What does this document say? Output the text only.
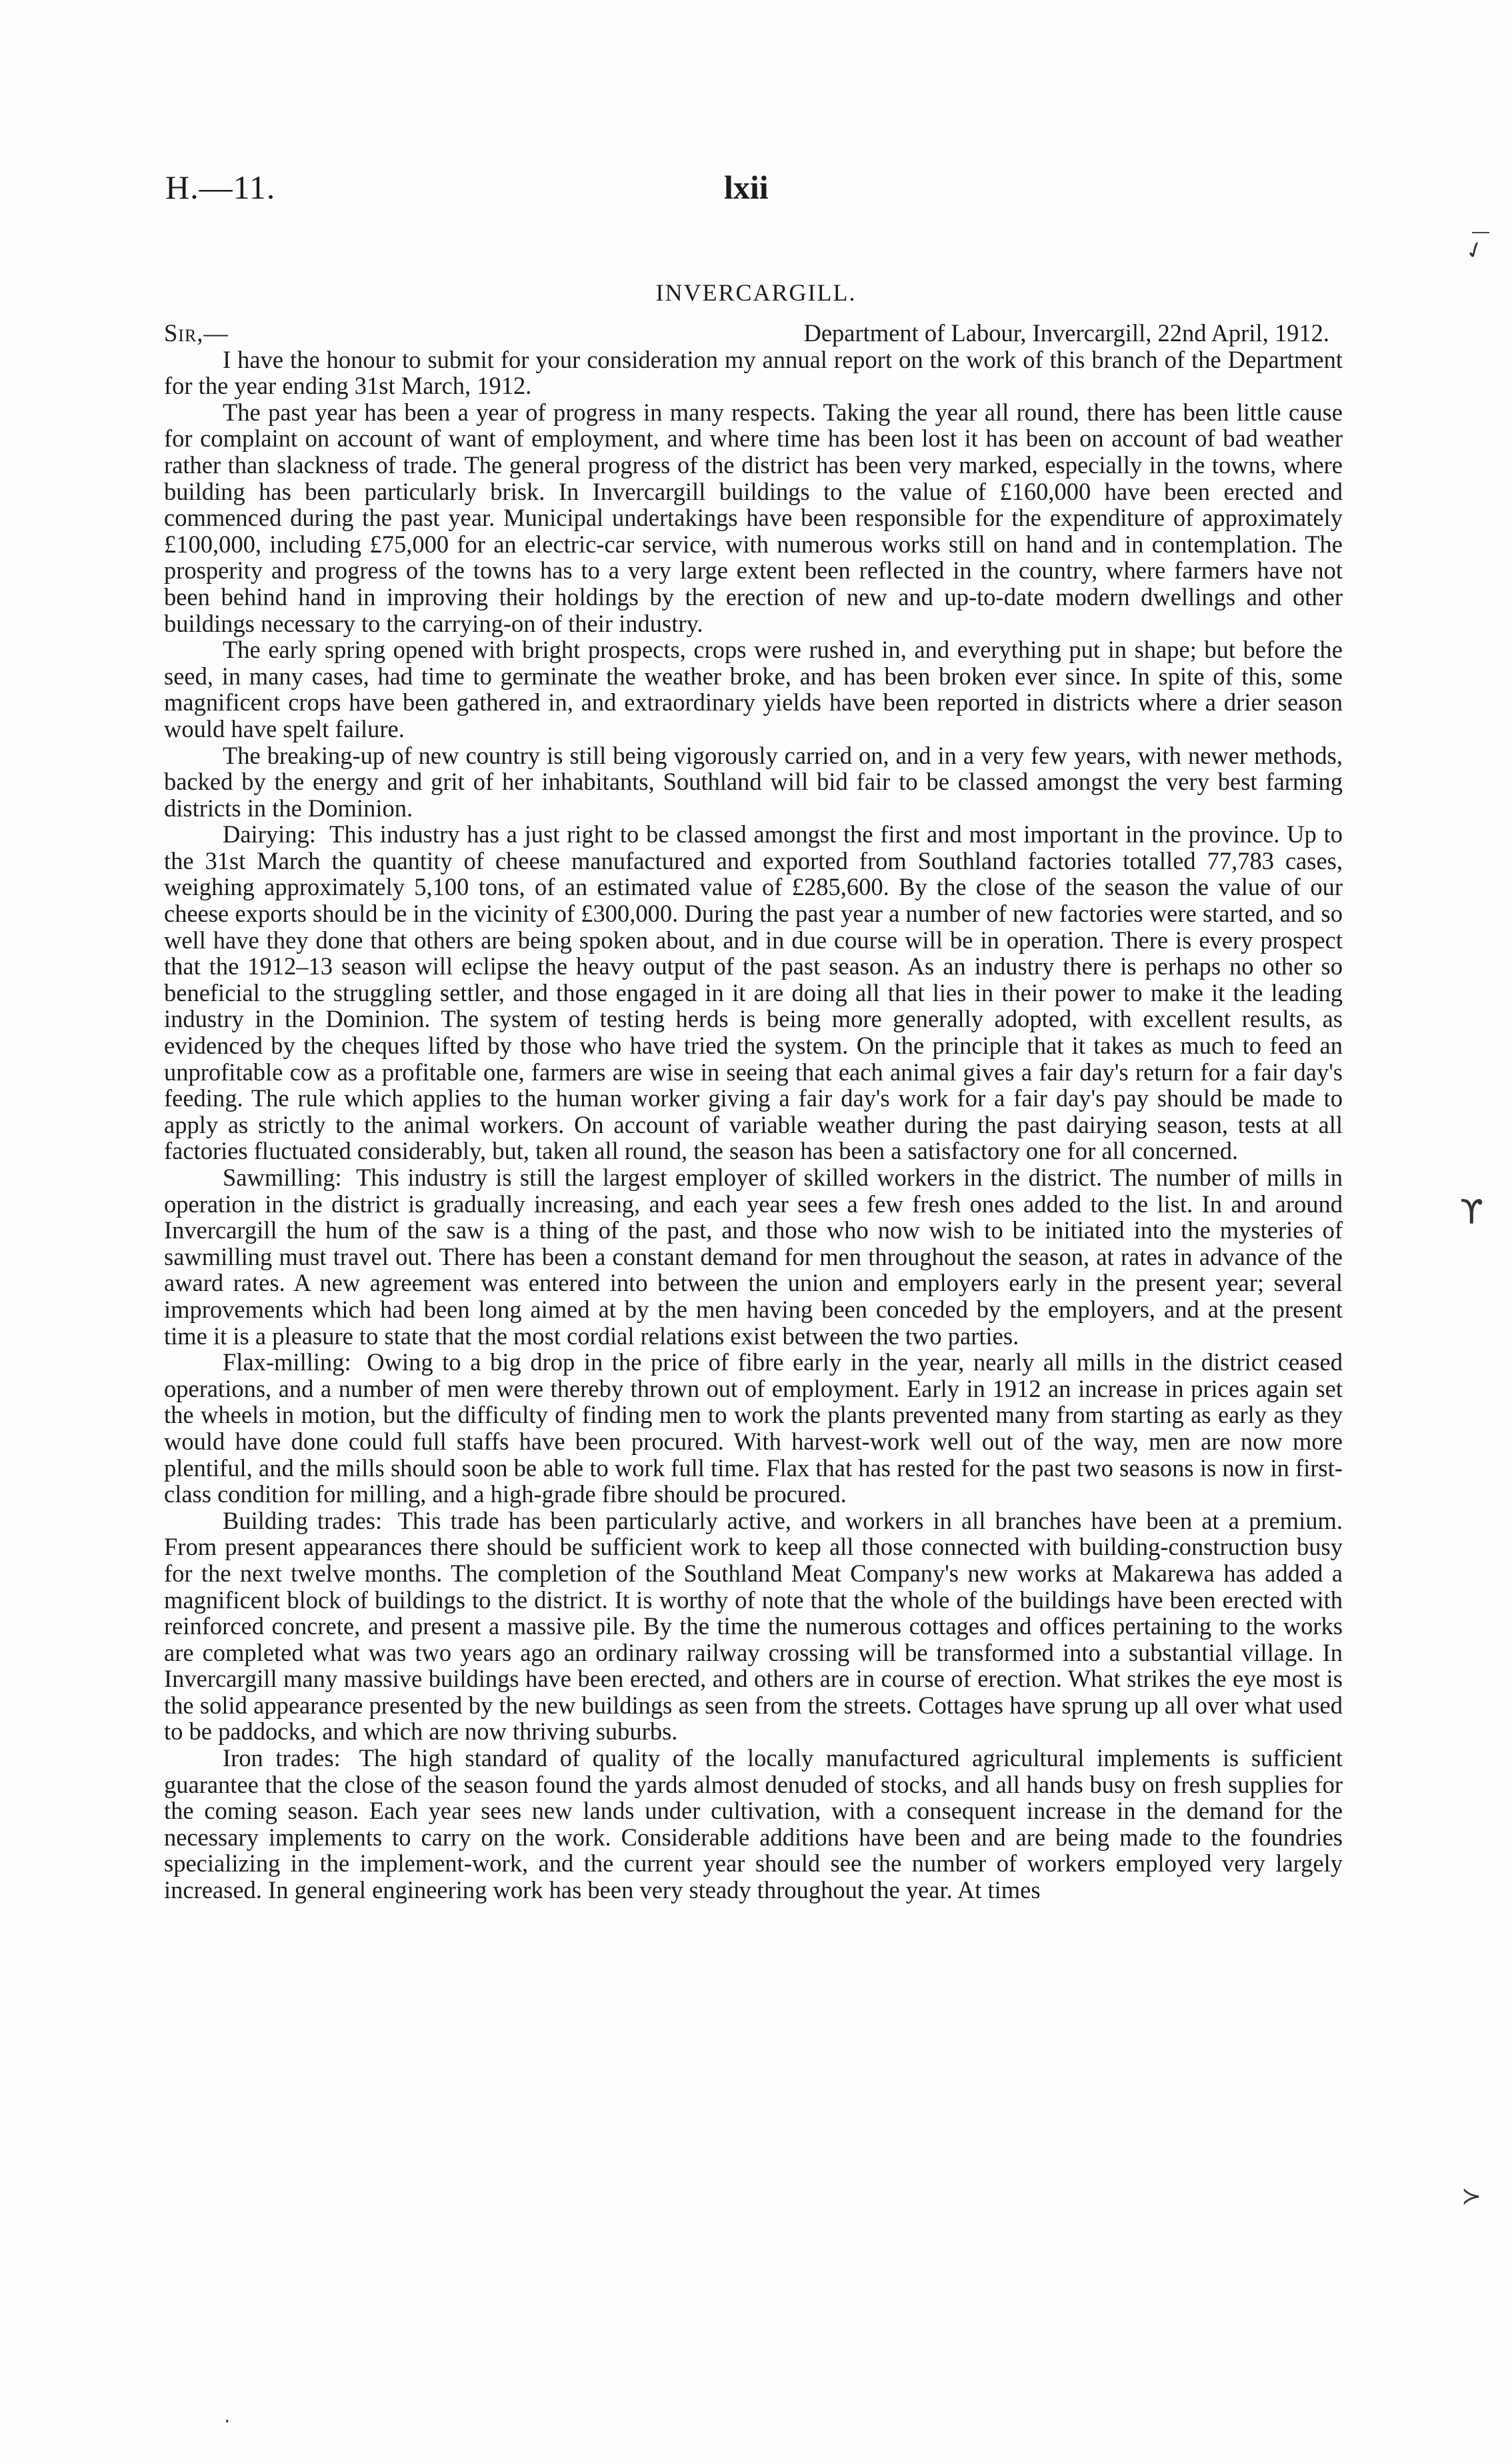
H.—11.	lxii
INVERCARGILL.
Sir,—	Department of Labour, Invercargill, 22nd April, 1912.

I have the honour to submit for your consideration my annual report on the work of this branch of the Department for the year ending 31st March, 1912.

The past year has been a year of progress in many respects. Taking the year all round, there has been little cause for complaint on account of want of employment, and where time has been lost it has been on account of bad weather rather than slackness of trade. The general progress of the district has been very marked, especially in the towns, where building has been particularly brisk. In Invercargill buildings to the value of £160,000 have been erected and commenced during the past year. Municipal undertakings have been responsible for the expenditure of approximately £100,000, including £75,000 for an electric-car service, with numerous works still on hand and in contemplation. The prosperity and progress of the towns has to a very large extent been reflected in the country, where farmers have not been behind hand in improving their holdings by the erection of new and up-to-date modern dwellings and other buildings necessary to the carrying-on of their industry.

The early spring opened with bright prospects, crops were rushed in, and everything put in shape; but before the seed, in many cases, had time to germinate the weather broke, and has been broken ever since. In spite of this, some magnificent crops have been gathered in, and extraordinary yields have been reported in districts where a drier season would have spelt failure.

The breaking-up of new country is still being vigorously carried on, and in a very few years, with newer methods, backed by the energy and grit of her inhabitants, Southland will bid fair to be classed amongst the very best farming districts in the Dominion.

Dairying: This industry has a just right to be classed amongst the first and most important in the province. Up to the 31st March the quantity of cheese manufactured and exported from Southland factories totalled 77,783 cases, weighing approximately 5,100 tons, of an estimated value of £285,600. By the close of the season the value of our cheese exports should be in the vicinity of £300,000. During the past year a number of new factories were started, and so well have they done that others are being spoken about, and in due course will be in operation. There is every prospect that the 1912–13 season will eclipse the heavy output of the past season. As an industry there is perhaps no other so beneficial to the struggling settler, and those engaged in it are doing all that lies in their power to make it the leading industry in the Dominion. The system of testing herds is being more generally adopted, with excellent results, as evidenced by the cheques lifted by those who have tried the system. On the principle that it takes as much to feed an unprofitable cow as a profitable one, farmers are wise in seeing that each animal gives a fair day's return for a fair day's feeding. The rule which applies to the human worker giving a fair day's work for a fair day's pay should be made to apply as strictly to the animal workers. On account of variable weather during the past dairying season, tests at all factories fluctuated considerably, but, taken all round, the season has been a satisfactory one for all concerned.

Sawmilling: This industry is still the largest employer of skilled workers in the district. The number of mills in operation in the district is gradually increasing, and each year sees a few fresh ones added to the list. In and around Invercargill the hum of the saw is a thing of the past, and those who now wish to be initiated into the mysteries of sawmilling must travel out. There has been a constant demand for men throughout the season, at rates in advance of the award rates. A new agreement was entered into between the union and employers early in the present year; several improvements which had been long aimed at by the men having been conceded by the employers, and at the present time it is a pleasure to state that the most cordial relations exist between the two parties.

Flax-milling: Owing to a big drop in the price of fibre early in the year, nearly all mills in the district ceased operations, and a number of men were thereby thrown out of employment. Early in 1912 an increase in prices again set the wheels in motion, but the difficulty of finding men to work the plants prevented many from starting as early as they would have done could full staffs have been procured. With harvest-work well out of the way, men are now more plentiful, and the mills should soon be able to work full time. Flax that has rested for the past two seasons is now in first-class condition for milling, and a high-grade fibre should be procured.

Building trades: This trade has been particularly active, and workers in all branches have been at a premium. From present appearances there should be sufficient work to keep all those connected with building-construction busy for the next twelve months. The completion of the Southland Meat Company's new works at Makarewa has added a magnificent block of buildings to the district. It is worthy of note that the whole of the buildings have been erected with reinforced concrete, and present a massive pile. By the time the numerous cottages and offices pertaining to the works are completed what was two years ago an ordinary railway crossing will be transformed into a substantial village. In Invercargill many massive buildings have been erected, and others are in course of erection. What strikes the eye most is the solid appearance presented by the new buildings as seen from the streets. Cottages have sprung up all over what used to be paddocks, and which are now thriving suburbs.

Iron trades: The high standard of quality of the locally manufactured agricultural implements is sufficient guarantee that the close of the season found the yards almost denuded of stocks, and all hands busy on fresh supplies for the coming season. Each year sees new lands under cultivation, with a consequent increase in the demand for the necessary implements to carry on the work. Considerable additions have been and are being made to the foundries specializing in the implement-work, and the current year should see the number of workers employed very largely increased. In general engineering work has been very steady throughout the year. At times

✓
ϒ
≻
·
